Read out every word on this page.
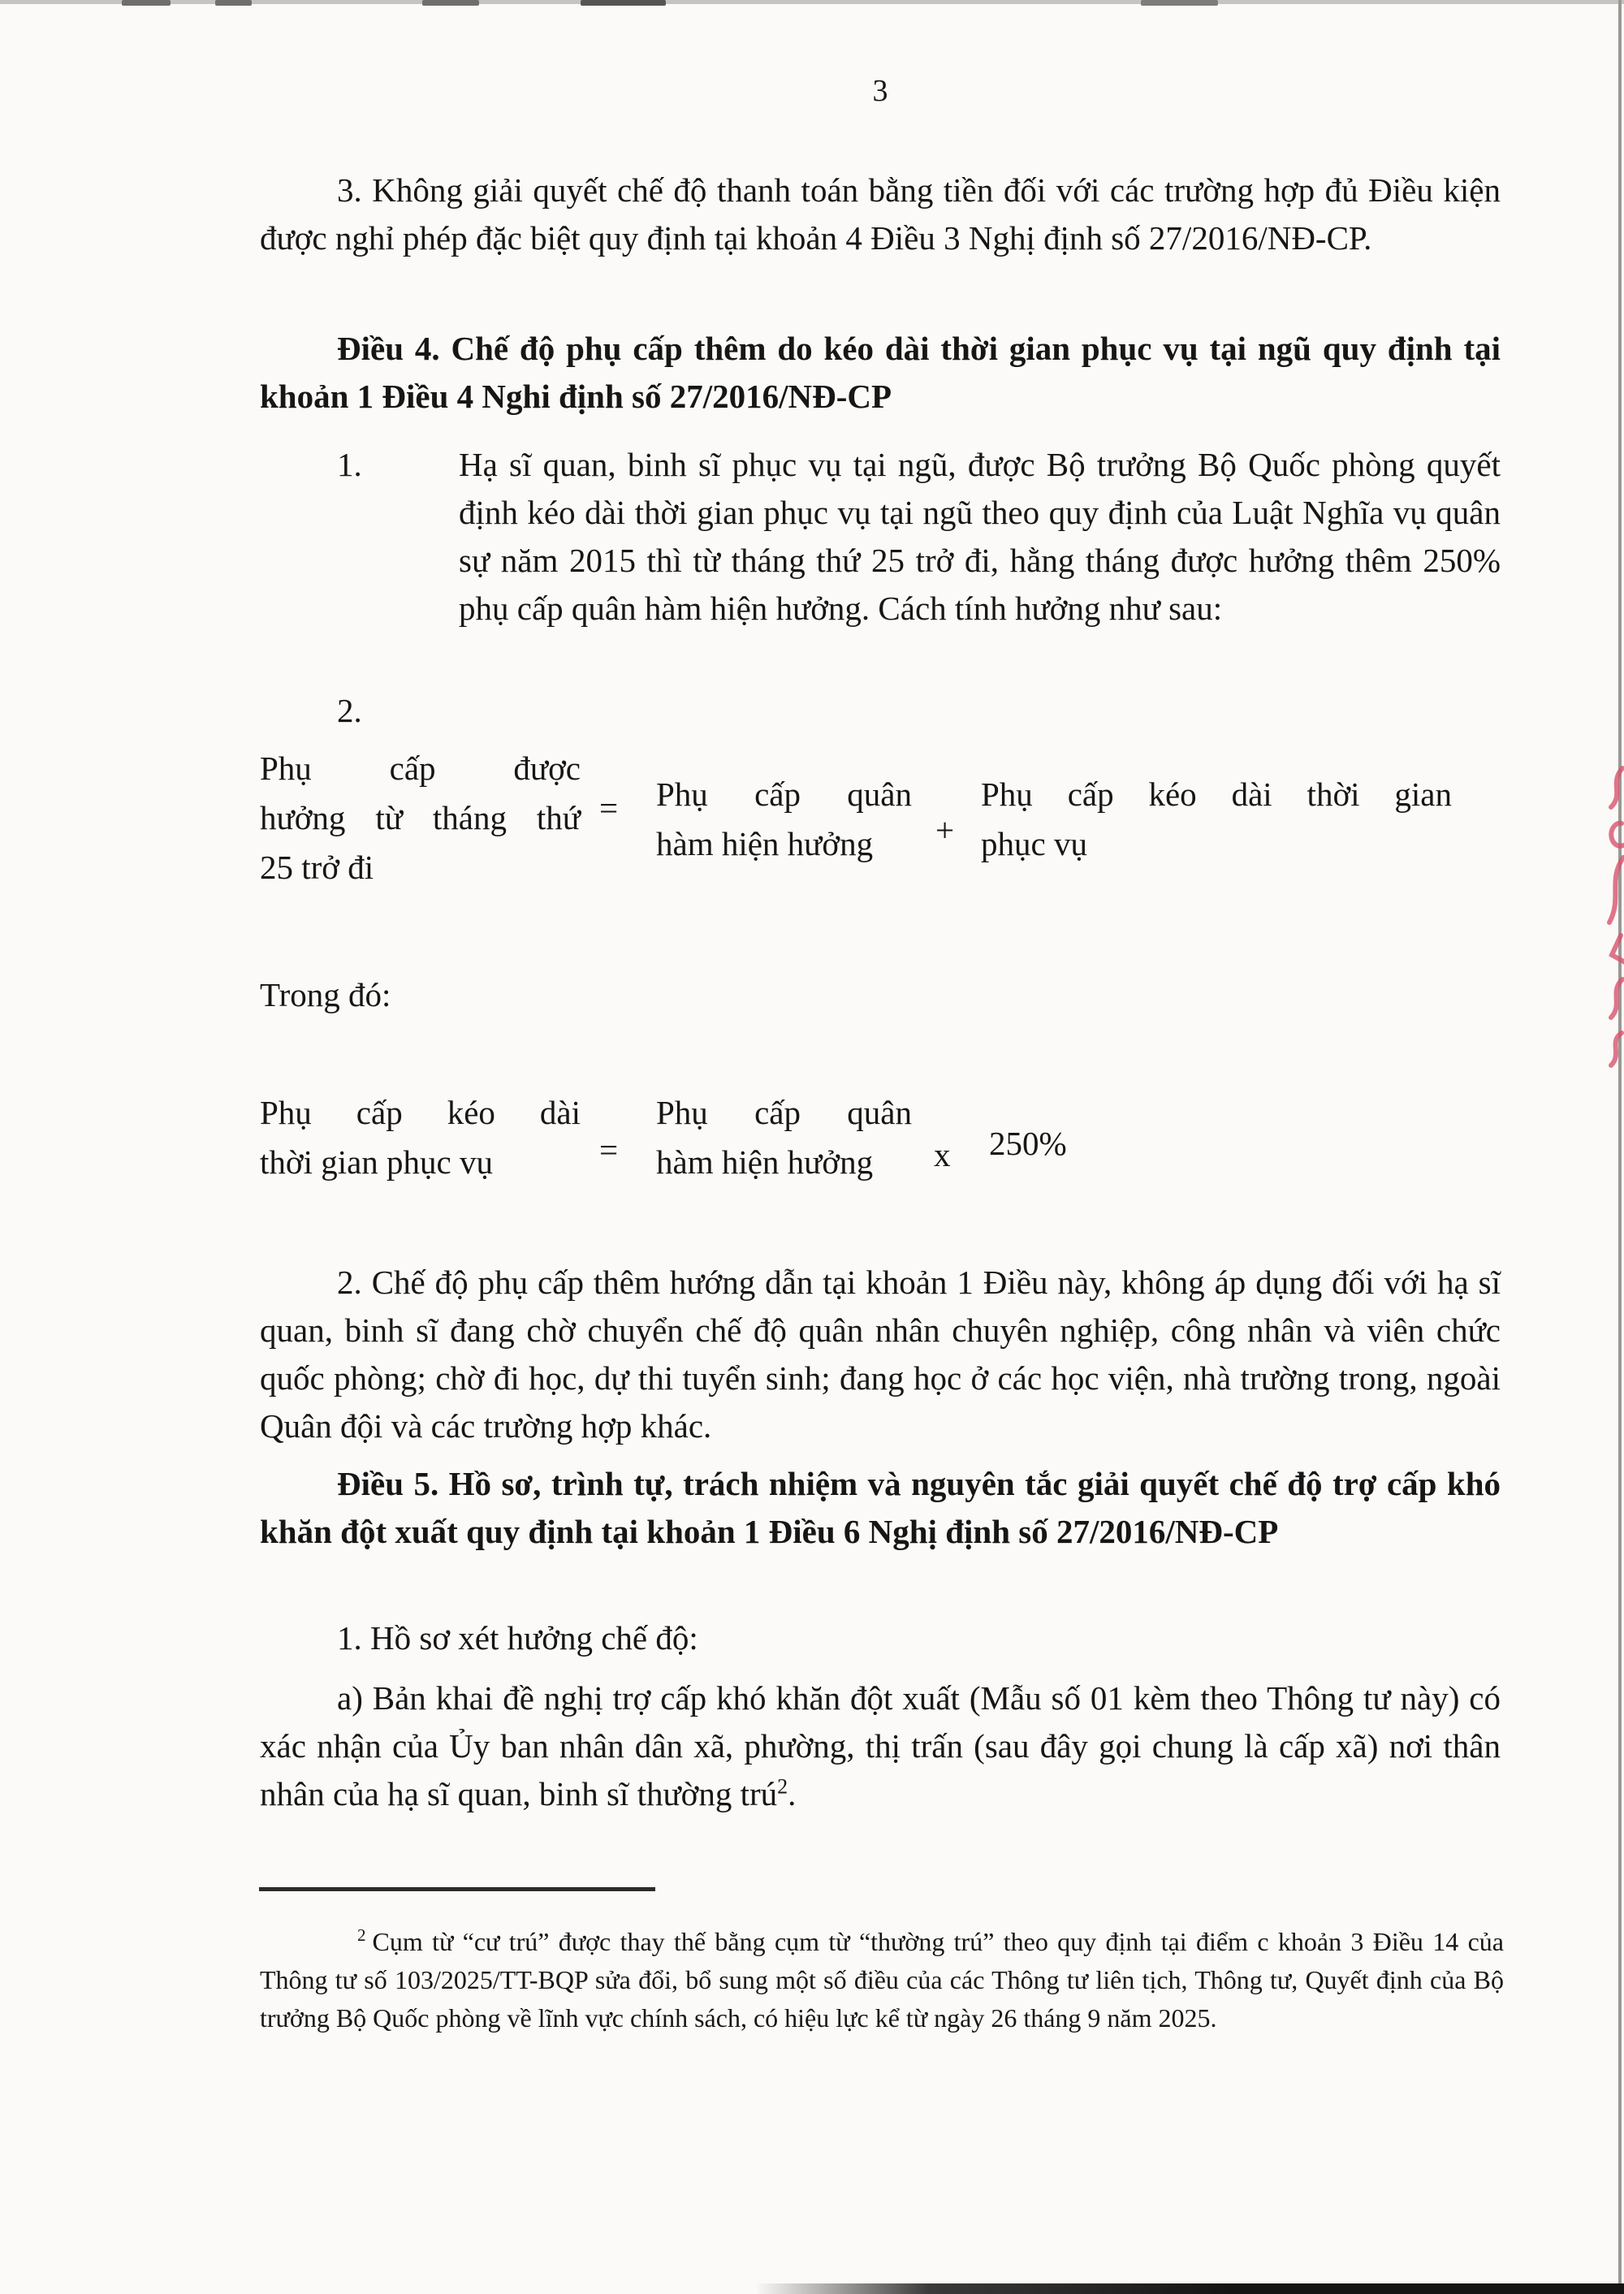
3
3. Không giải quyết chế độ thanh toán bằng tiền đối với các trường hợp đủ Điều kiện được nghỉ phép đặc biệt quy định tại khoản 4 Điều 3 Nghị định số 27/2016/NĐ-CP.
Điều 4. Chế độ phụ cấp thêm do kéo dài thời gian phục vụ tại ngũ quy định tại khoản 1 Điều 4 Nghi định số 27/2016/NĐ-CP
1.	Hạ sĩ quan, binh sĩ phục vụ tại ngũ, được Bộ trưởng Bộ Quốc phòng quyết định kéo dài thời gian phục vụ tại ngũ theo quy định của Luật Nghĩa vụ quân sự năm 2015 thì từ tháng thứ 25 trở đi, hằng tháng được hưởng thêm 250% phụ cấp quân hàm hiện hưởng. Cách tính hưởng như sau:
2.
Phụ cấp được
hưởng từ tháng thứ
25 trở đi
= Phụ cấp quân
hàm hiện hưởng	+
Phụ cấp kéo dài thời gian
phục vụ
Trong đó:
Phụ cấp kéo dài
thời gian phục vụ	=
Phụ cấp quân
hàm hiện hưởng	x 250%
2. Chế độ phụ cấp thêm hướng dẫn tại khoản 1 Điều này, không áp dụng đối với hạ sĩ quan, binh sĩ đang chờ chuyển chế độ quân nhân chuyên nghiệp, công nhân và viên chức quốc phòng; chờ đi học, dự thi tuyển sinh; đang học ở các học viện, nhà trường trong, ngoài Quân đội và các trường hợp khác.
Điều 5. Hồ sơ, trình tự, trách nhiệm và nguyên tắc giải quyết chế độ trợ cấp khó khăn đột xuất quy định tại khoản 1 Điều 6 Nghị định số 27/2016/NĐ-CP
1. Hồ sơ xét hưởng chế độ:
a) Bản khai đề nghị trợ cấp khó khăn đột xuất (Mẫu số 01 kèm theo Thông tư này) có xác nhận của Ủy ban nhân dân xã, phường, thị trấn (sau đây gọi chung là cấp xã) nơi thân nhân của hạ sĩ quan, binh sĩ thường trú$^2$.
$^2$ Cụm từ “cư trú” được thay thế bằng cụm từ “thường trú” theo quy định tại điểm c khoản 3 Điều 14 của Thông tư số 103/2025/TT-BQP sửa đổi, bổ sung một số điều của các Thông tư liên tịch, Thông tư, Quyết định của Bộ trưởng Bộ Quốc phòng về lĩnh vực chính sách, có hiệu lực kể từ ngày 26 tháng 9 năm 2025.
